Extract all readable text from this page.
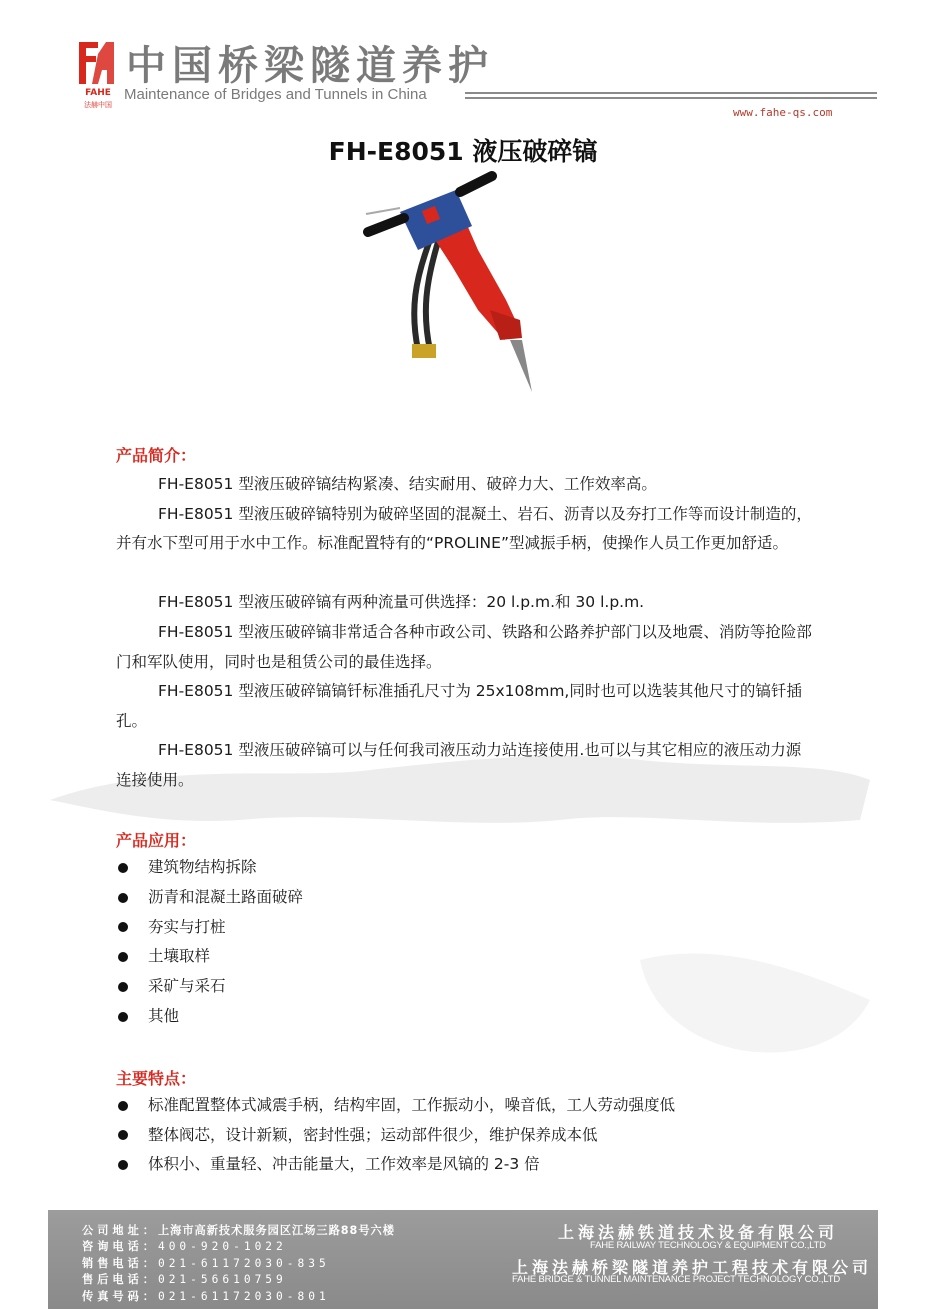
FAHE
法赫中国
中国桥梁隧道养护
Maintenance of Bridges and Tunnels in China
www.fahe-qs.com
FH-E8051 液压破碎镐
产品简介：

FH-E8051 型液压破碎镐结构紧凑、结实耐用、破碎力大、工作效率高。

FH-E8051 型液压破碎镐特别为破碎坚固的混凝土、岩石、沥青以及夯打工作等而设计制造的，并有水下型可用于水中工作。标准配置特有的“PROLINE”型减振手柄，使操作人员工作更加舒适。

FH-E8051 型液压破碎镐有两种流量可供选择：20 l.p.m.和 30 l.p.m.

FH-E8051 型液压破碎镐非常适合各种市政公司、铁路和公路养护部门以及地震、消防等抢险部门和军队使用，同时也是租赁公司的最佳选择。

FH-E8051 型液压破碎镐镐钎标准插孔尺寸为 25x108mm,同时也可以选装其他尺寸的镐钎插孔。

FH-E8051 型液压破碎镐可以与任何我司液压动力站连接使用.也可以与其它相应的液压动力源连接使用。

产品应用：
建筑物结构拆除
沥青和混凝土路面破碎
夯实与打桩
土壤取样
采矿与采石
其他
主要特点：
标准配置整体式减震手柄，结构牢固，工作振动小，噪音低，工人劳动强度低
整体阀芯，设计新颖，密封性强；运动部件很少，维护保养成本低
体积小、重量轻、冲击能量大，工作效率是风镐的 2-3 倍
公司地址：上海市高新技术服务园区江场三路88号六楼
咨询电话：400-920-1022
销售电话：021-61172030-835
售后电话：021-56610759
传真号码：021-61172030-801
上海法赫铁道技术设备有限公司
FAHE RAILWAY TECHNOLOGY & EQUIPMENT CO.,LTD
上海法赫桥梁隧道养护工程技术有限公司
FAHE BRIDGE & TUNNEL MAINTENANCE PROJECT TECHNOLOGY CO.,LTD
